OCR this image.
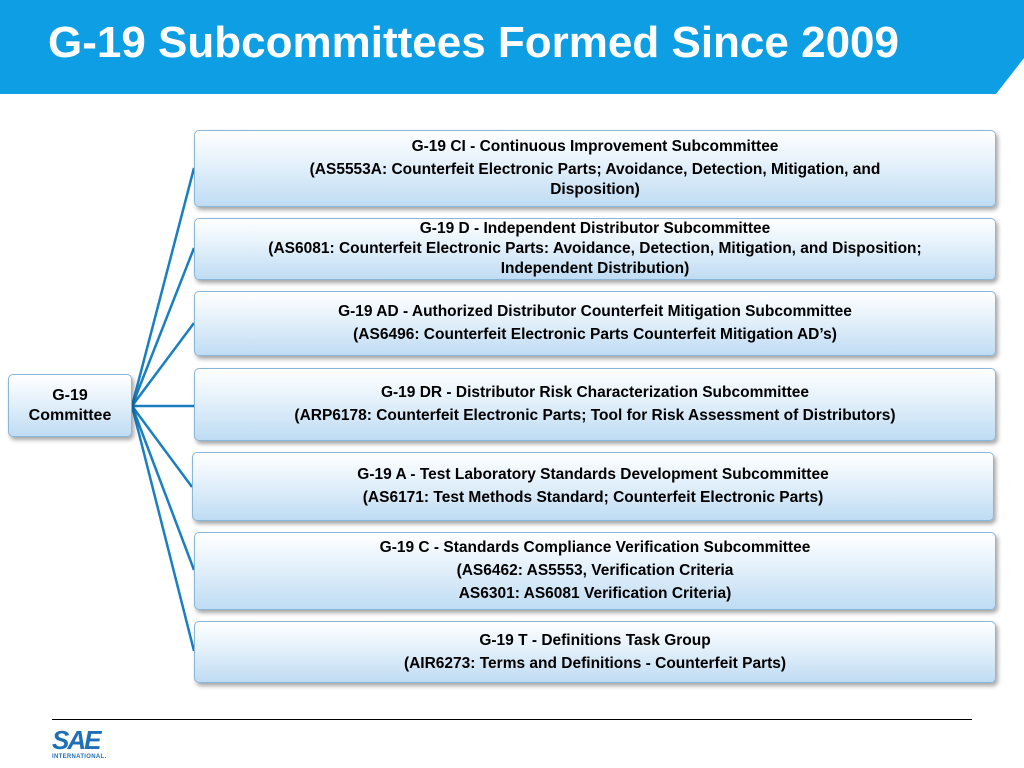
G-19 Subcommittees Formed Since 2009
G-19
Committee
G-19 CI - Continuous Improvement Subcommittee
(AS5553A: Counterfeit Electronic Parts; Avoidance, Detection, Mitigation, and
Disposition)
G-19 D - Independent Distributor Subcommittee
(AS6081: Counterfeit Electronic Parts: Avoidance, Detection, Mitigation, and Disposition;
Independent Distribution)
G-19 AD - Authorized Distributor Counterfeit Mitigation Subcommittee
(AS6496: Counterfeit Electronic Parts Counterfeit Mitigation AD’s)
G-19 DR - Distributor Risk Characterization Subcommittee
(ARP6178: Counterfeit Electronic Parts; Tool for Risk Assessment of Distributors)
G-19 A - Test Laboratory Standards Development Subcommittee
(AS6171: Test Methods Standard; Counterfeit Electronic Parts)
G-19 C - Standards Compliance Verification Subcommittee
(AS6462: AS5553, Verification Criteria
AS6301: AS6081 Verification Criteria)
G-19 T - Definitions Task Group
(AIR6273: Terms and Definitions - Counterfeit Parts)
SAE
INTERNATIONAL.
